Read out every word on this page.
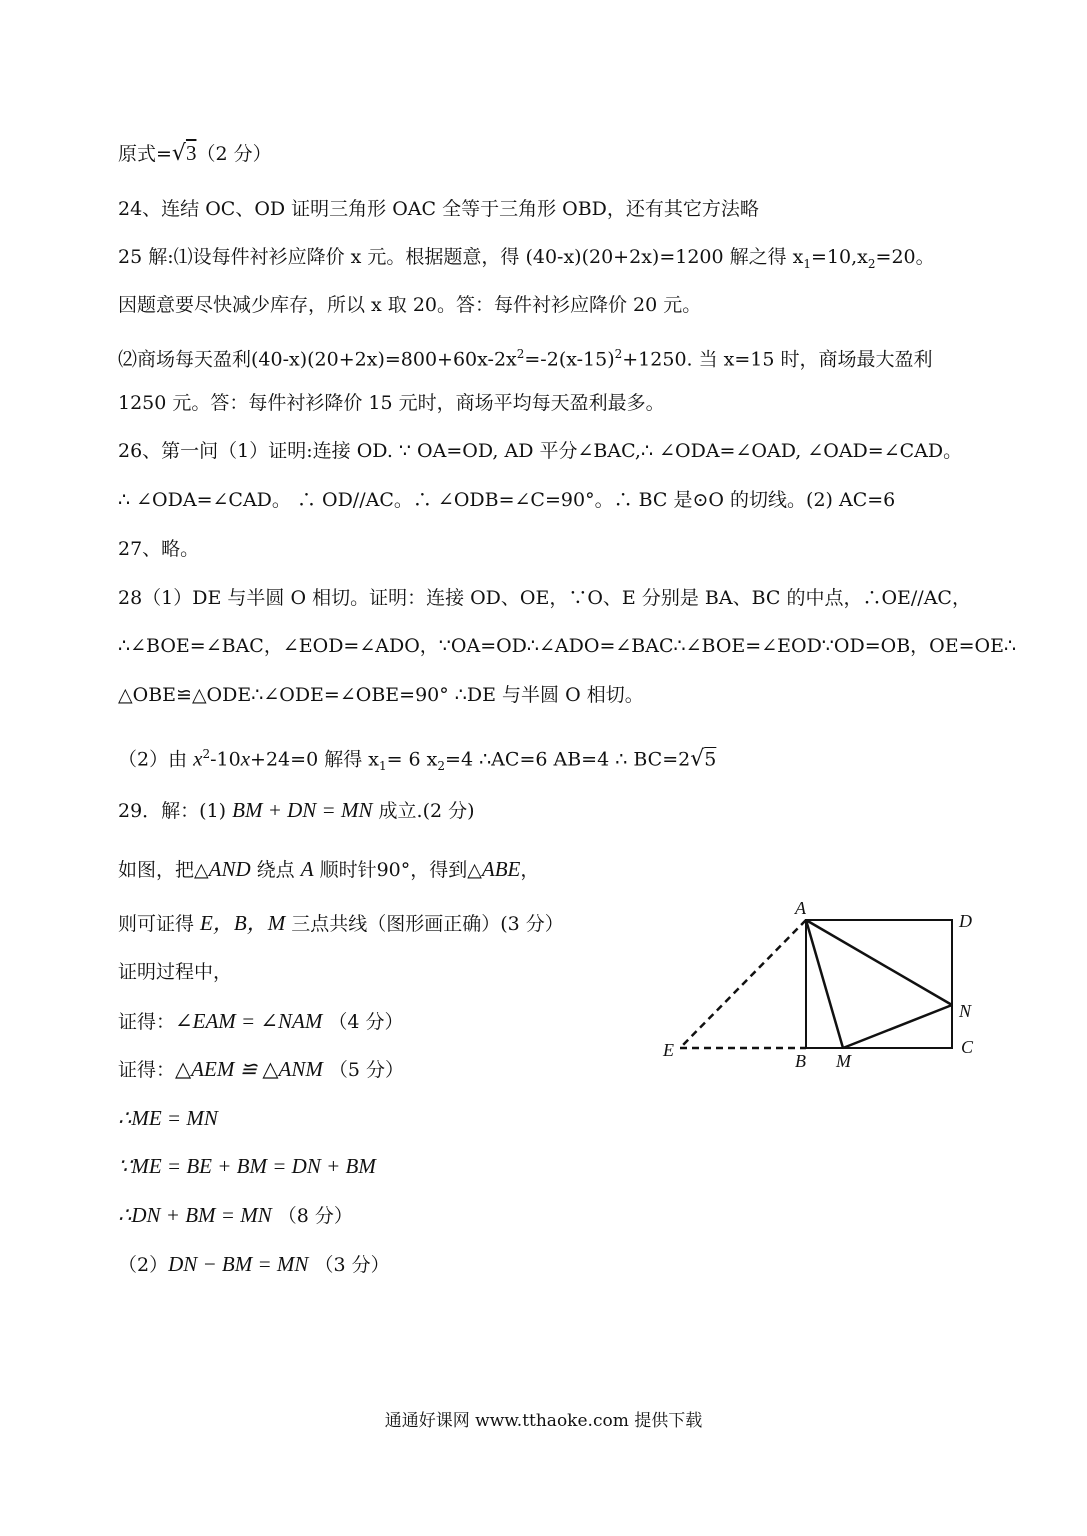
原式=√3（2 分）
24、连结 OC、OD 证明三角形 OAC 全等于三角形 OBD，还有其它方法略
25 解:⑴设每件衬衫应降价 x 元。根据题意，得 (40-x)(20+2x)=1200 解之得 $x_1=10,x_2=20$。
因题意要尽快减少库存，所以 x 取 20。答：每件衬衫应降价 20 元。
⑵商场每天盈利$(40-x)(20+2x)=800+60x-2x^2=-2(x-15)^2+1250$. 当 x=15 时，商场最大盈利
1250 元。答：每件衬衫降价 15 元时，商场平均每天盈利最多。
26、第一问（1）证明:连接 OD. ∵ OA=OD, AD 平分∠BAC,∴ ∠ODA=∠OAD, ∠OAD=∠CAD。
∴ ∠ODA=∠CAD。 ∴ OD//AC。∴ ∠ODB=∠C=90°。∴ BC 是⊙O 的切线。(2) AC=6
27、略。
28（1）DE 与半圆 O 相切。证明：连接 OD、OE，∵O、E 分别是 BA、BC 的中点，∴OE//AC，
∴∠BOE=∠BAC，∠EOD=∠ADO，∵OA=OD∴∠ADO=∠BAC∴∠BOE=∠EOD∵OD=OB，OE=OE∴
△OBE≌△ODE∴∠ODE=∠OBE=90° ∴DE 与半圆 O 相切。
（2）由 $x^2-10x+24=0$ 解得 $x_1= 6$ $x_2=4$ ∴AC=6 AB=4 ∴ BC=2√5
29．解：(1) BM + DN = MN 成立.(2 分)
如图，把△AND 绕点 A 顺时针90°，得到△ABE，
则可证得 E，B，M 三点共线（图形画正确）(3 分）
证明过程中，
证得：∠EAM = ∠NAM （4 分）
证得：△AEM ≌ △ANM （5 分）
∴ME = MN
∵ME = BE + BM = DN + BM
∴DN + BM = MN （8 分）
（2）DN − BM = MN （3 分）
A
D
N
C
B M
E
通通好课网 www.tthaoke.com 提供下载
